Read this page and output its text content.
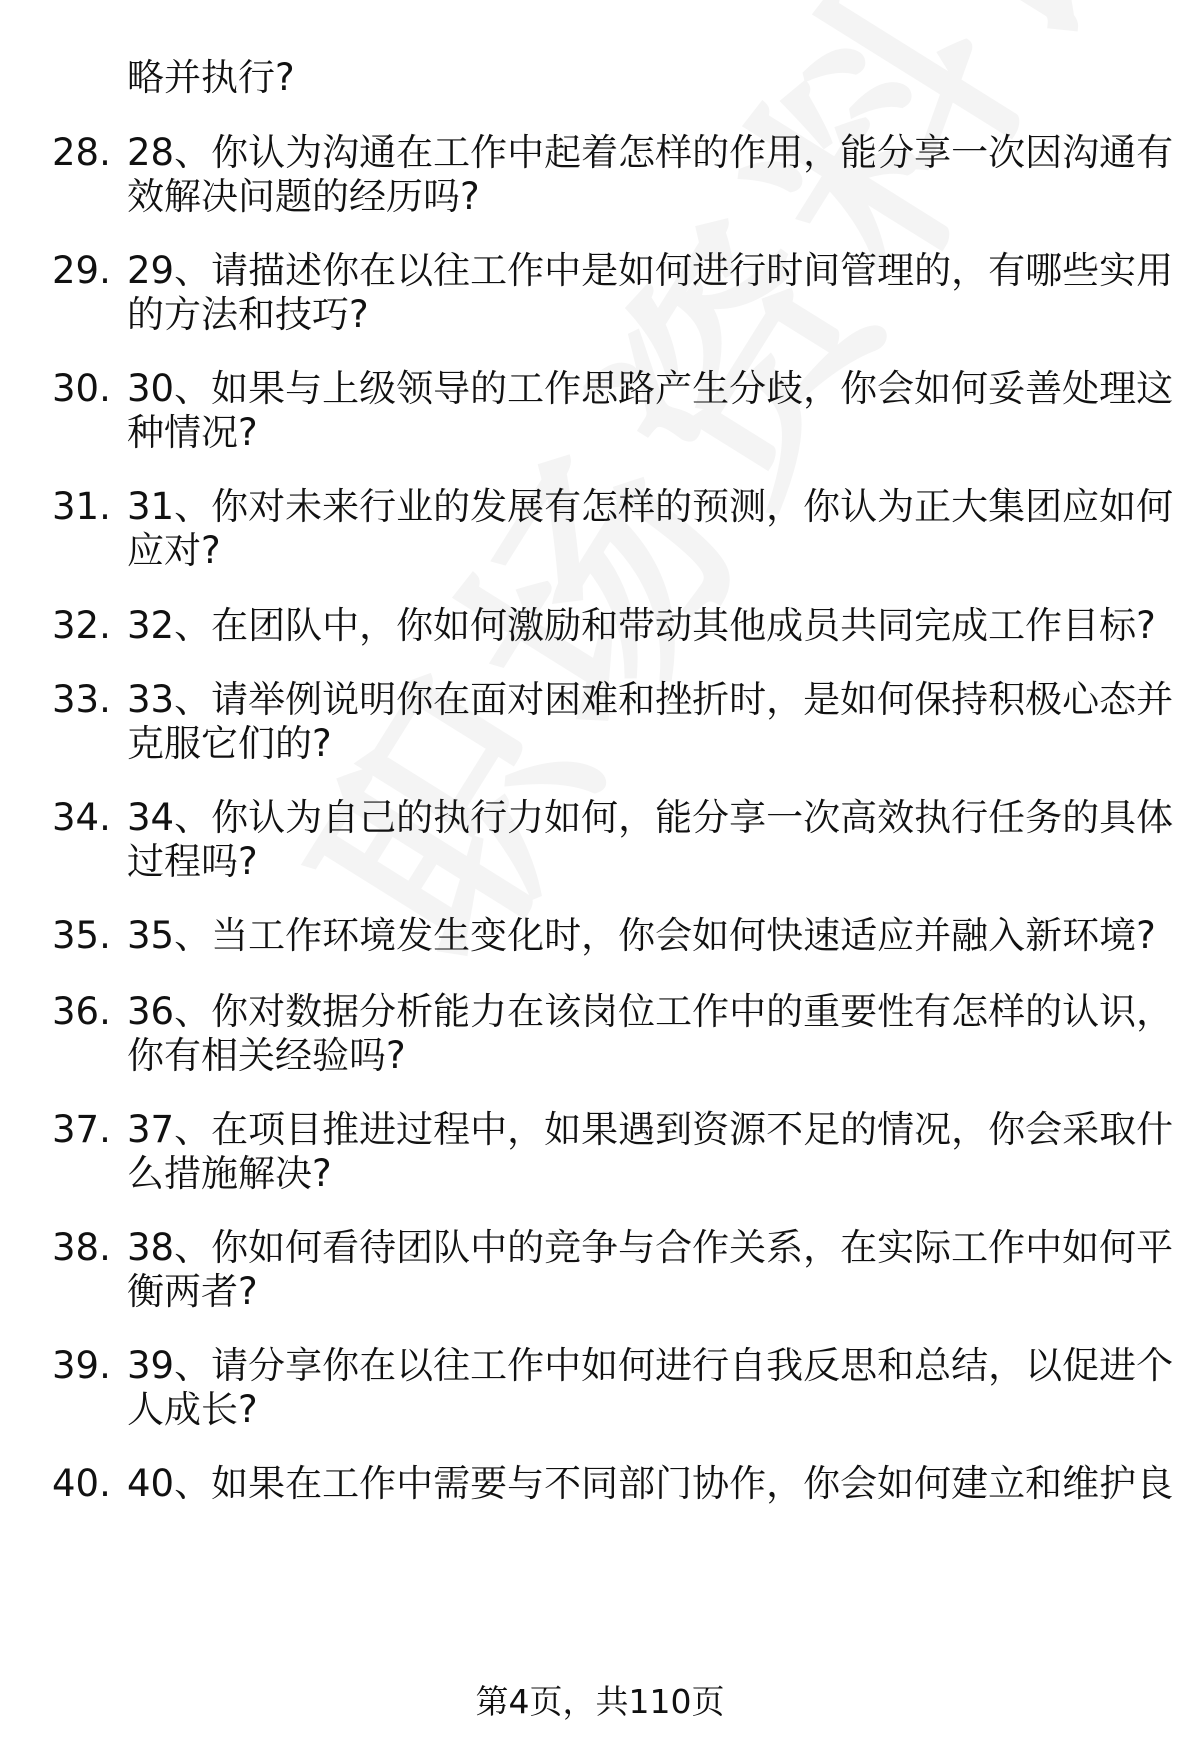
略并执行?
28. 28、你认为沟通在工作中起着怎样的作用，能分享一次因沟通有
效解决问题的经历吗?
29. 29、请描述你在以往工作中是如何进行时间管理的，有哪些实用
的方法和技巧?
30. 30、如果与上级领导的工作思路产生分歧，你会如何妥善处理这
种情况?
31. 31、你对未来行业的发展有怎样的预测，你认为正大集团应如何
应对?
32. 32、在团队中，你如何激励和带动其他成员共同完成工作目标?
33. 33、请举例说明你在面对困难和挫折时，是如何保持积极心态并
克服它们的?
34. 34、你认为自己的执行力如何，能分享一次高效执行任务的具体
过程吗?
35. 35、当工作环境发生变化时，你会如何快速适应并融入新环境?
36. 36、你对数据分析能力在该岗位工作中的重要性有怎样的认识，
你有相关经验吗?
37. 37、在项目推进过程中，如果遇到资源不足的情况，你会采取什
么措施解决?
38. 38、你如何看待团队中的竞争与合作关系，在实际工作中如何平
衡两者?
39. 39、请分享你在以往工作中如何进行自我反思和总结，以促进个
人成长?
40. 40、如果在工作中需要与不同部门协作，你会如何建立和维护良
第4页，共110页
